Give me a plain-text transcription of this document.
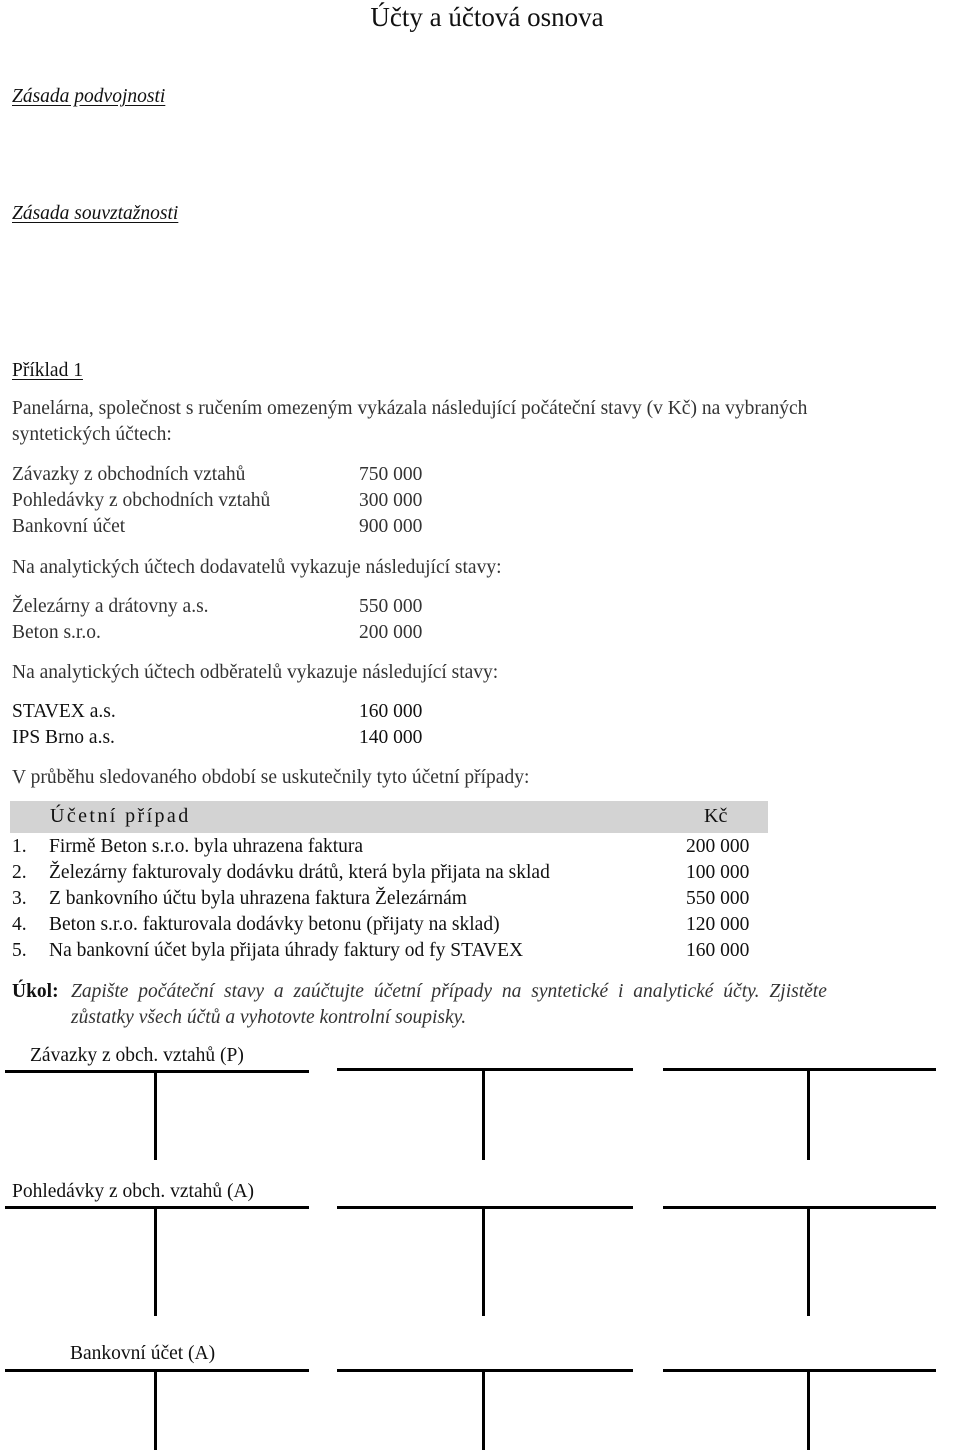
Účty a účtová osnova
Zásada podvojnosti
Zásada souvztažnosti
Příklad 1
Panelárna, společnost s ručením omezeným vykázala následující počáteční stavy (v Kč) na vybraných
syntetických účtech:
Závazky z obchodních vztahů	750 000
Pohledávky z obchodních vztahů	300 000
Bankovní účet	900 000
Na analytických účtech dodavatelů vykazuje následující stavy:
Železárny a drátovny a.s.	550 000
Beton s.r.o.	200 000
Na analytických účtech odběratelů vykazuje následující stavy:
STAVEX a.s.	160 000
IPS Brno a.s.	140 000
V průběhu sledovaného období se uskutečnily tyto účetní případy:
Účetní případ	Kč
1. Firmě Beton s.r.o. byla uhrazena faktura	200 000
2. Železárny fakturovaly dodávku drátů, která byla přijata na sklad	100 000
3. Z bankovního účtu byla uhrazena faktura Železárnám	550 000
4. Beton s.r.o. fakturovala dodávky betonu (přijaty na sklad)	120 000
5. Na bankovní účet byla přijata úhrady faktury od fy STAVEX	160 000
Úkol: Zapište počáteční stavy a zaúčtujte účetní případy na syntetické i analytické účty. Zjistěte
zůstatky všech účtů a vyhotovte kontrolní soupisky.
Závazky z obch. vztahů (P)
Pohledávky z obch. vztahů (A)
Bankovní účet (A)
